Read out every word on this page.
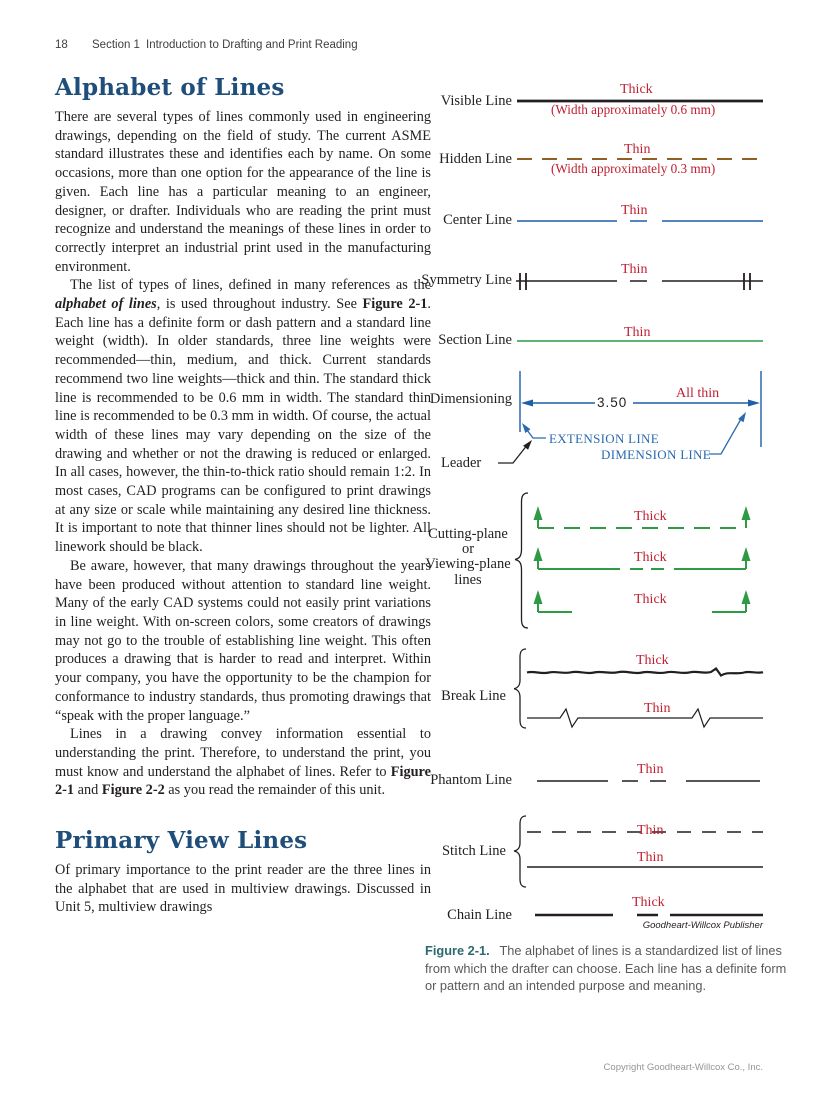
18 Section 1 Introduction to Drafting and Print Reading
Alphabet of Lines

There are several types of lines commonly used in engineering drawings, depending on the field of study. The current ASME standard illustrates these and identifies each by name. On some occasions, more than one option for the appearance of the line is given. Each line has a particular meaning to an engineer, designer, or drafter. Individuals who are reading the print must recognize and understand the meanings of these lines in order to correctly interpret an industrial print used in the manufacturing environment.

The list of types of lines, defined in many references as the alphabet of lines, is used throughout industry. See Figure 2-1. Each line has a definite form or dash pattern and a standard line weight (width). In older standards, three line weights were recommended—thin, medium, and thick. Current standards recommend two line weights—thick and thin. The standard thick line is recommended to be 0.6 mm in width. The standard thin line is recommended to be 0.3 mm in width. Of course, the actual width of these lines may vary depending on the size of the drawing and whether or not the drawing is reduced or enlarged. In all cases, however, the thin-to-thick ratio should remain 1:2. In most cases, CAD programs can be configured to print drawings at any size or scale while maintaining any desired line thickness. It is important to note that thinner lines should not be lighter. All linework should be black.

Be aware, however, that many drawings throughout the years have been produced without attention to standard line weight. Many of the early CAD systems could not easily print variations in line weight. With on-screen colors, some creators of drawings may not go to the trouble of establishing line weight. This often produces a drawing that is harder to read and interpret. Within your company, you have the opportunity to be the champion for conformance to industry standards, thus promoting drawings that “speak with the proper language.”

Lines in a drawing convey information essential to understanding the print. Therefore, to understand the print, you must know and understand the alphabet of lines. Refer to Figure 2-1 and Figure 2-2 as you read the remainder of this unit.

Primary View Lines

Of primary importance to the print reader are the three lines in the alphabet that are used in multiview drawings. Discussed in Unit 5, multiview drawings

Visible Line
Hidden Line
Center Line
Symmetry Line
Section Line
Dimensioning
Leader
Cutting-plane
or
Viewing-plane
lines
Break Line
Phantom Line
Stitch Line
Chain Line
Thick
(Width approximately 0.6 mm)
Thin
(Width approximately 0.3 mm)
Thin
Thin
Thin
All thin
Thick
Thick
Thick
Thick
Thin
Thin
Thin
Thin
Thick
3.50
EXTENSION LINE
DIMENSION LINE
Goodheart-Willcox Publisher
Figure 2-1.  The alphabet of lines is a standardized list of lines from which the drafter can choose. Each line has a definite form or pattern and an intended purpose and meaning.
Copyright Goodheart-Willcox Co., Inc.
